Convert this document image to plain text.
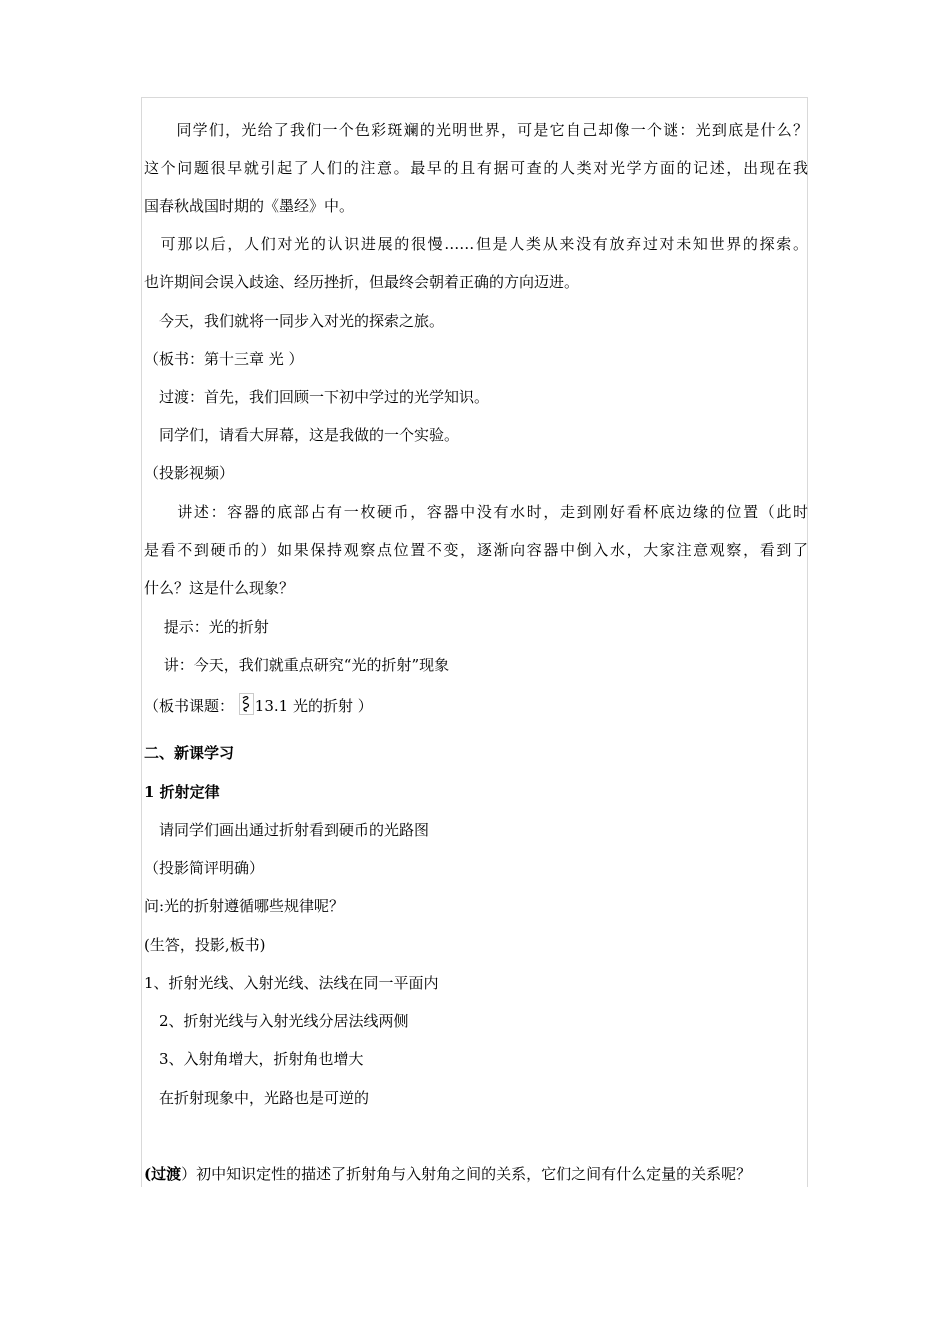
　　同学们，光给了我们一个色彩斑斓的光明世界，可是它自己却像一个谜：光到底是什么？
这个问题很早就引起了人们的注意。最早的且有据可查的人类对光学方面的记述，出现在我
国春秋战国时期的《墨经》中。
　可那以后，人们对光的认识进展的很慢……但是人类从来没有放弃过对未知世界的探索。
也许期间会误入歧途、经历挫折，但最终会朝着正确的方向迈进。
　今天，我们就将一同步入对光的探索之旅。
（板书：第十三章 光 ）
　过渡：首先，我们回顾一下初中学过的光学知识。
　同学们，请看大屏幕，这是我做的一个实验。
（投影视频）
　　讲述：容器的底部占有一枚硬币，容器中没有水时，走到刚好看杯底边缘的位置（此时
是看不到硬币的）如果保持观察点位置不变，逐渐向容器中倒入水，大家注意观察，看到了
什么？这是什么现象？
　 提示：光的折射
　 讲：今天，我们就重点研究“光的折射”现象
（板书课题：
13.1 光的折射 ）
二、新课学习
1 折射定律
　请同学们画出通过折射看到硬币的光路图
（投影简评明确）
问:光的折射遵循哪些规律呢？
(生答，投影,板书)
1、折射光线、入射光线、法线在同一平面内
　2、折射光线与入射光线分居法线两侧
　3、入射角增大，折射角也增大
　在折射现象中，光路也是可逆的
(过渡）初中知识定性的描述了折射角与入射角之间的关系，它们之间有什么定量的关系呢？
